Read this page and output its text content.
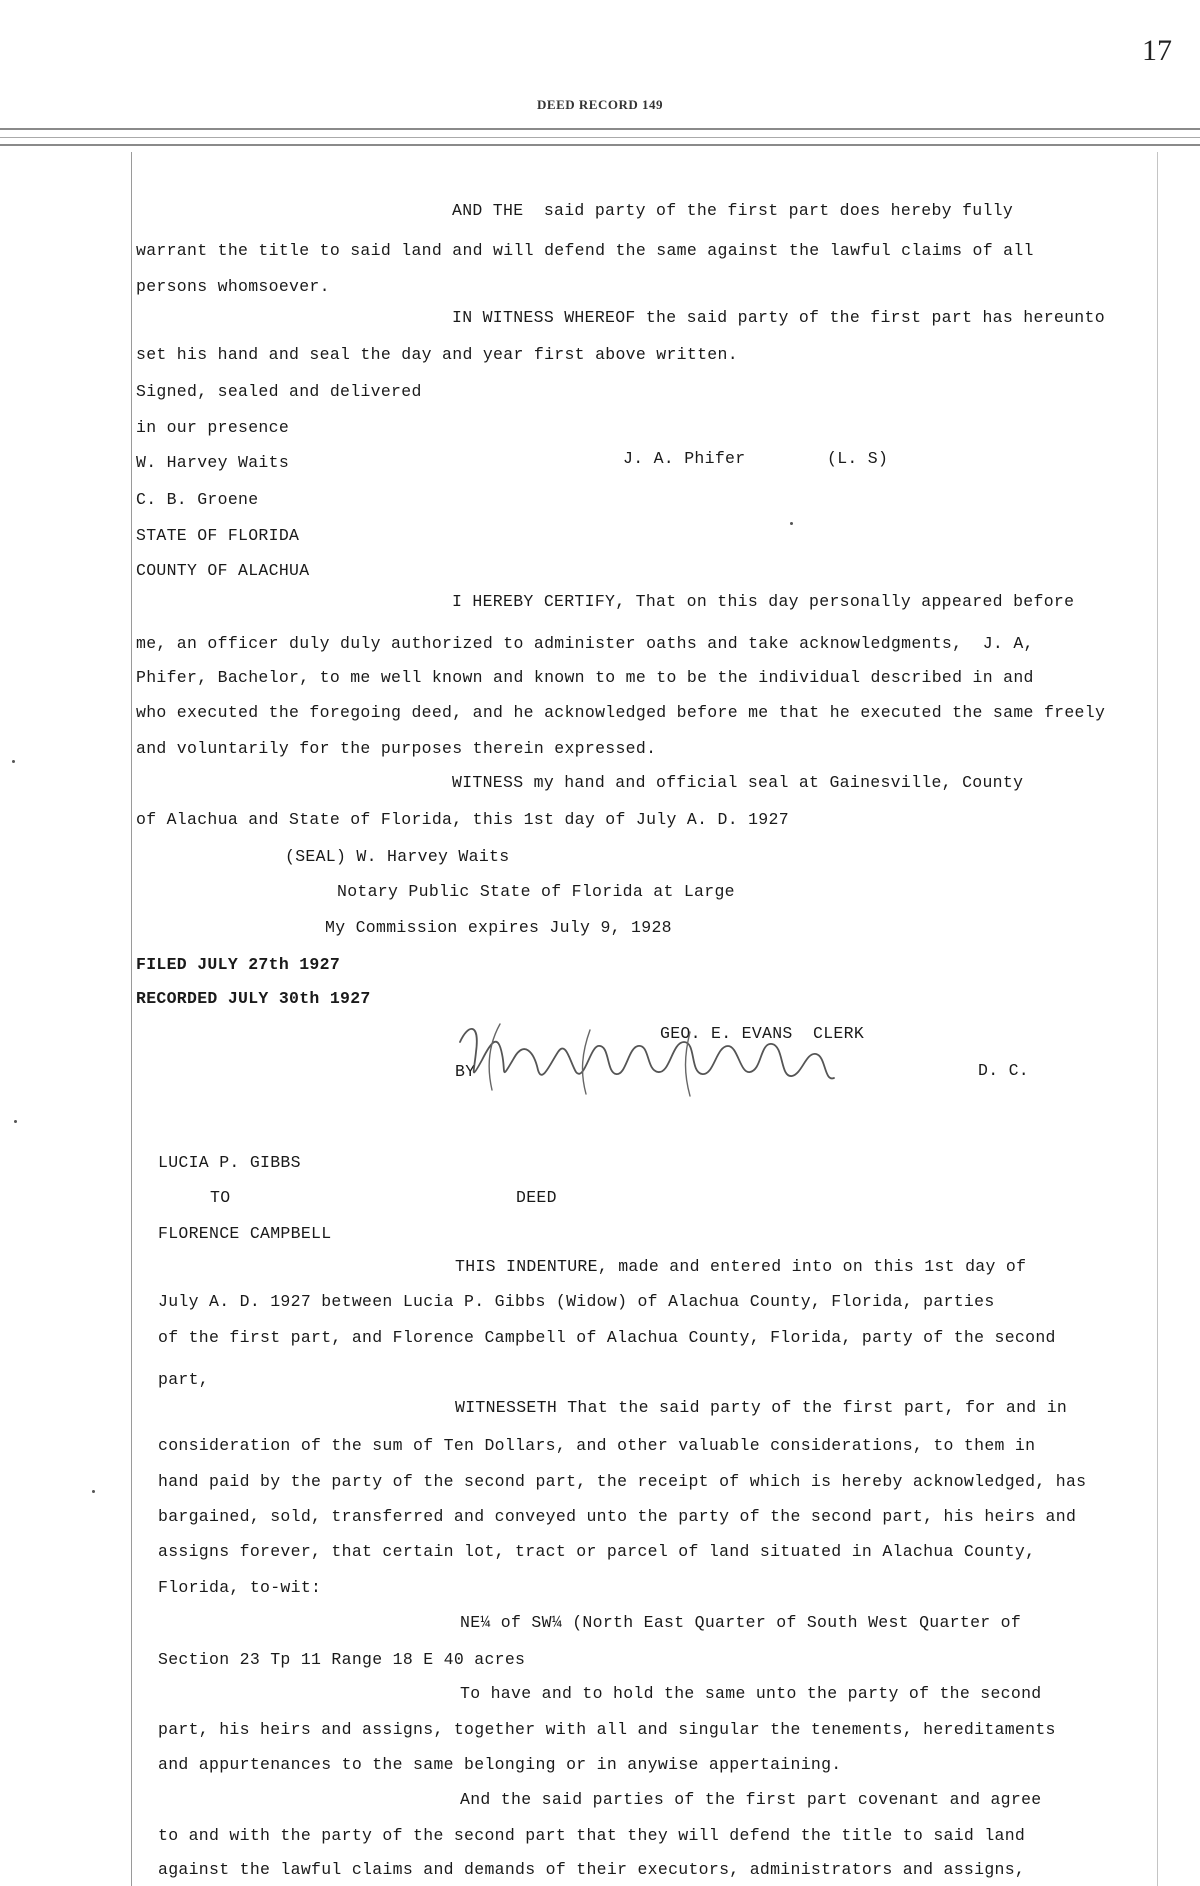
17
DEED RECORD 149
AND THE  said party of the first part does hereby fully
warrant the title to said land and will defend the same against the lawful claims of all
persons whomsoever.
IN WITNESS WHEREOF the said party of the first part has hereunto
set his hand and seal the day and year first above written.
Signed, sealed and delivered
in our presence
W. Harvey Waits	J. A. Phifer	(L. S)
C. B. Groene
STATE OF FLORIDA
COUNTY OF ALACHUA
I HEREBY CERTIFY, That on this day personally appeared before
me, an officer duly duly authorized to administer oaths and take acknowledgments,  J. A,
Phifer, Bachelor, to me well known and known to me to be the individual described in and
who executed the foregoing deed, and he acknowledged before me that he executed the same freely
and voluntarily for the purposes therein expressed.
WITNESS my hand and official seal at Gainesville, County
of Alachua and State of Florida, this 1st day of July A. D. 1927
(SEAL) W. Harvey Waits
Notary Public State of Florida at Large
My Commission expires July 9, 1928
FILED JULY 27th 1927
RECORDED JULY 30th 1927
GEO. E. EVANS  CLERK
BY	D. C.
LUCIA P. GIBBS
TO	DEED
FLORENCE CAMPBELL
THIS INDENTURE, made and entered into on this 1st day of
July A. D. 1927 between Lucia P. Gibbs (Widow) of Alachua County, Florida, parties
of the first part, and Florence Campbell of Alachua County, Florida, party of the second
part,
WITNESSETH That the said party of the first part, for and in
consideration of the sum of Ten Dollars, and other valuable considerations, to them in
hand paid by the party of the second part, the receipt of which is hereby acknowledged, has
bargained, sold, transferred and conveyed unto the party of the second part, his heirs and
assigns forever, that certain lot, tract or parcel of land situated in Alachua County,
Florida, to-wit:
NE¼ of SW¼ (North East Quarter of South West Quarter of
Section 23 Tp 11 Range 18 E 40 acres
To have and to hold the same unto the party of the second
part, his heirs and assigns, together with all and singular the tenements, hereditaments
and appurtenances to the same belonging or in anywise appertaining.
And the said parties of the first part covenant and agree
to and with the party of the second part that they will defend the title to said land
against the lawful claims and demands of their executors, administrators and assigns,
